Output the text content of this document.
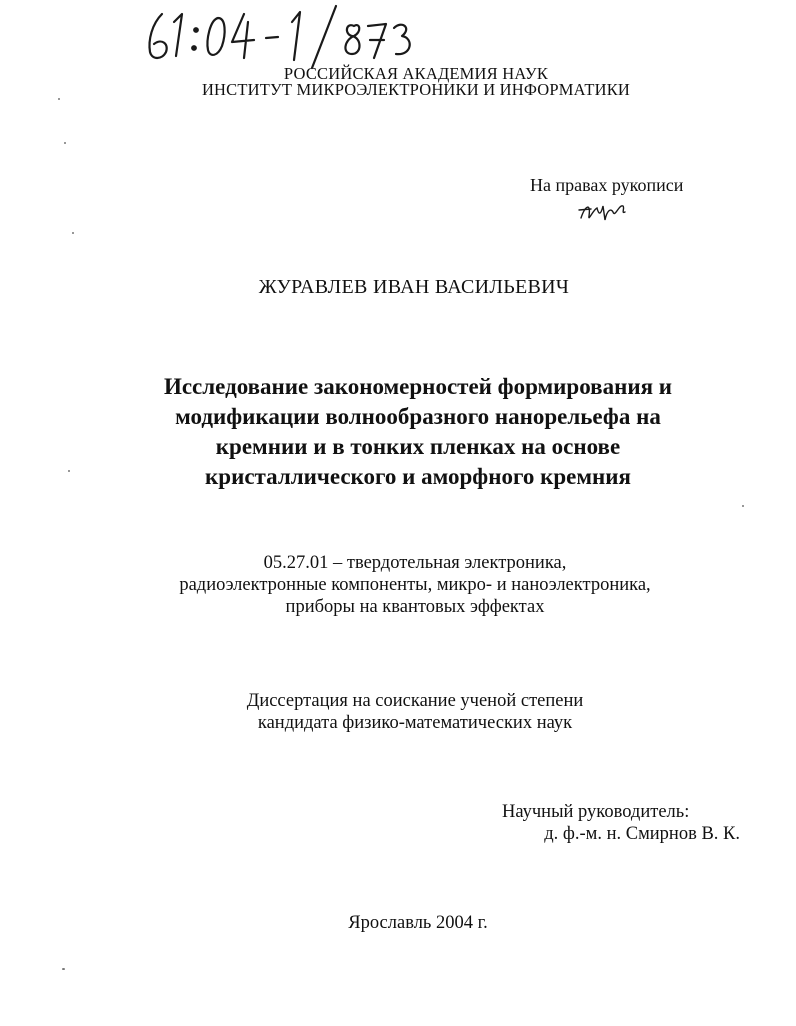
РОССИЙСКАЯ АКАДЕМИЯ НАУК
ИНСТИТУТ МИКРОЭЛЕКТРОНИКИ И ИНФОРМАТИКИ
На правах рукописи
ЖУРАВЛЕВ ИВАН ВАСИЛЬЕВИЧ
Исследование закономерностей формирования и
модификации волнообразного нанорельефа на
кремнии и в тонких пленках на основе
кристаллического и аморфного кремния
05.27.01 – твердотельная электроника,
радиоэлектронные компоненты, микро- и наноэлектроника,
приборы на квантовых эффектах
Диссертация на соискание ученой степени
кандидата физико-математических наук
Научный руководитель:
д. ф.-м. н. Смирнов В. К.
Ярославль 2004 г.
